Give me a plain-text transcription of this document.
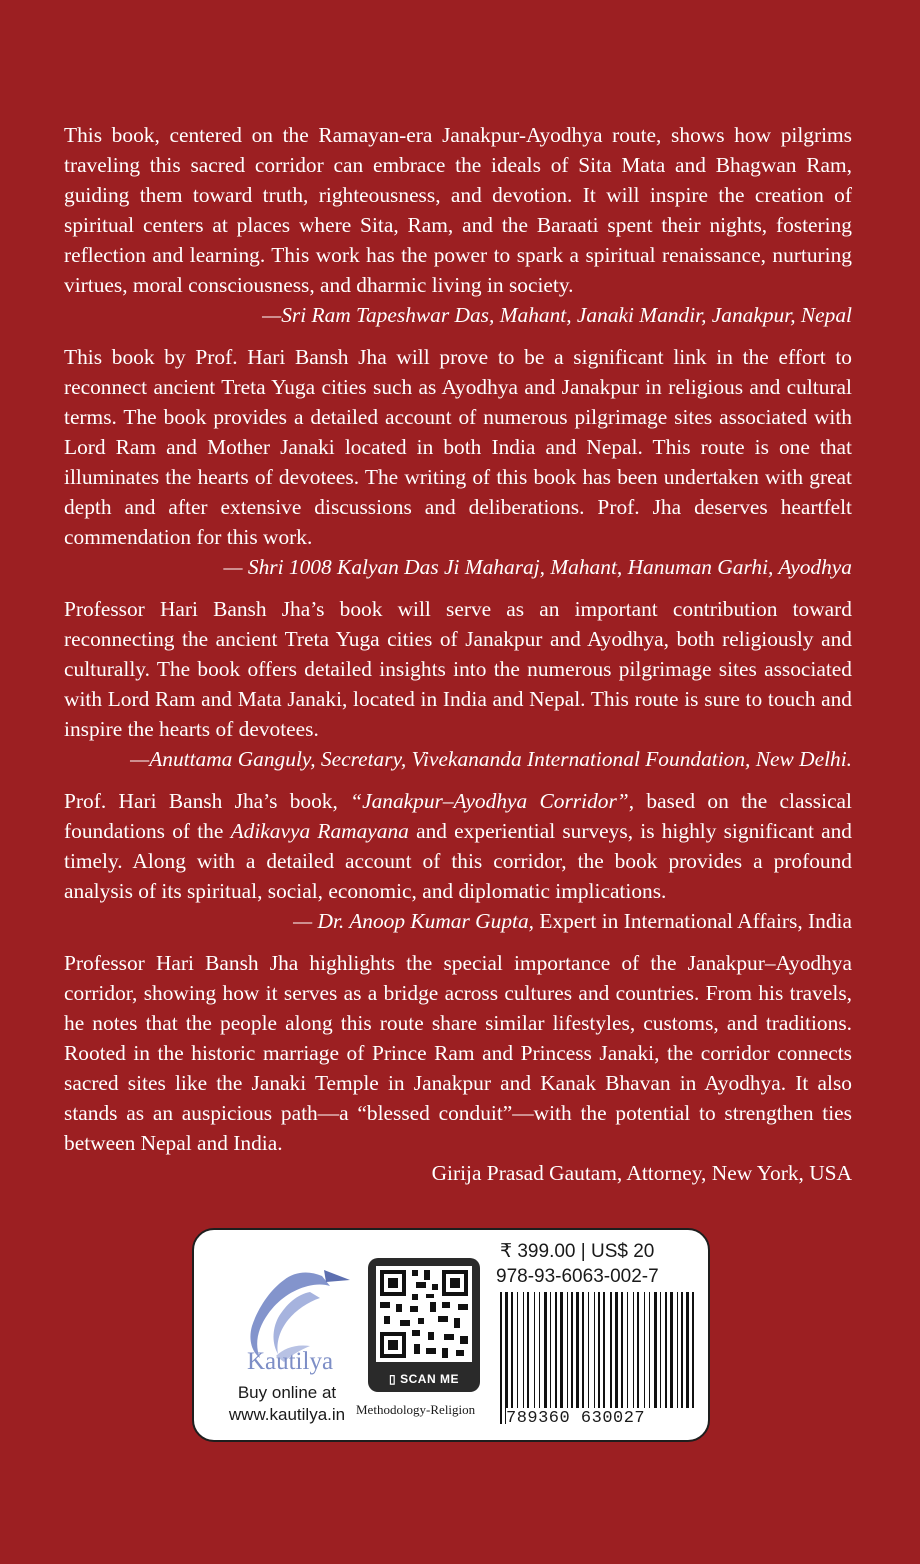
This book, centered on the Ramayan-era Janakpur-Ayodhya route, shows how pilgrims traveling this sacred corridor can embrace the ideals of Sita Mata and Bhagwan Ram, guiding them toward truth, righteousness, and devotion. It will inspire the creation of spiritual centers at places where Sita, Ram, and the Baraati spent their nights, fostering reflection and learning. This work has the power to spark a spiritual renaissance, nurturing virtues, moral consciousness, and dharmic living in society.

—Sri Ram Tapeshwar Das, Mahant, Janaki Mandir, Janakpur, Nepal

This book by Prof. Hari Bansh Jha will prove to be a significant link in the effort to reconnect ancient Treta Yuga cities such as Ayodhya and Janakpur in religious and cultural terms. The book provides a detailed account of numerous pilgrimage sites associated with Lord Ram and Mother Janaki located in both India and Nepal. This route is one that illuminates the hearts of devotees. The writing of this book has been undertaken with great depth and after extensive discussions and deliberations. Prof. Jha deserves heartfelt commendation for this work.

— Shri 1008 Kalyan Das Ji Maharaj, Mahant, Hanuman Garhi, Ayodhya

Professor Hari Bansh Jha’s book will serve as an important contribution toward reconnecting the ancient Treta Yuga cities of Janakpur and Ayodhya, both religiously and culturally. The book offers detailed insights into the numerous pilgrimage sites associated with Lord Ram and Mata Janaki, located in India and Nepal. This route is sure to touch and inspire the hearts of devotees.

—Anuttama Ganguly, Secretary, Vivekananda International Foundation, New Delhi.

Prof. Hari Bansh Jha’s book, “Janakpur–Ayodhya Corridor”, based on the classical foundations of the Adikavya Ramayana and experiential surveys, is highly significant and timely. Along with a detailed account of this corridor, the book provides a profound analysis of its spiritual, social, economic, and diplomatic implications.

— Dr. Anoop Kumar Gupta, Expert in International Affairs, India

Professor Hari Bansh Jha highlights the special importance of the Janakpur–Ayodhya corridor, showing how it serves as a bridge across cultures and countries. From his travels, he notes that the people along this route share similar lifestyles, customs, and traditions. Rooted in the historic marriage of Prince Ram and Princess Janaki, the corridor connects sacred sites like the Janaki Temple in Janakpur and Kanak Bhavan in Ayodhya. It also stands as an auspicious path—a “blessed conduit”—with the potential to strengthen ties between Nepal and India.

Girija Prasad Gautam, Attorney, New York, USA

Kautilya
Buy online at
www.kautilya.in
▯ SCAN ME
Methodology-Religion
₹ 399.00 | US$ 20
978-93-6063-002-7
789360 630027
